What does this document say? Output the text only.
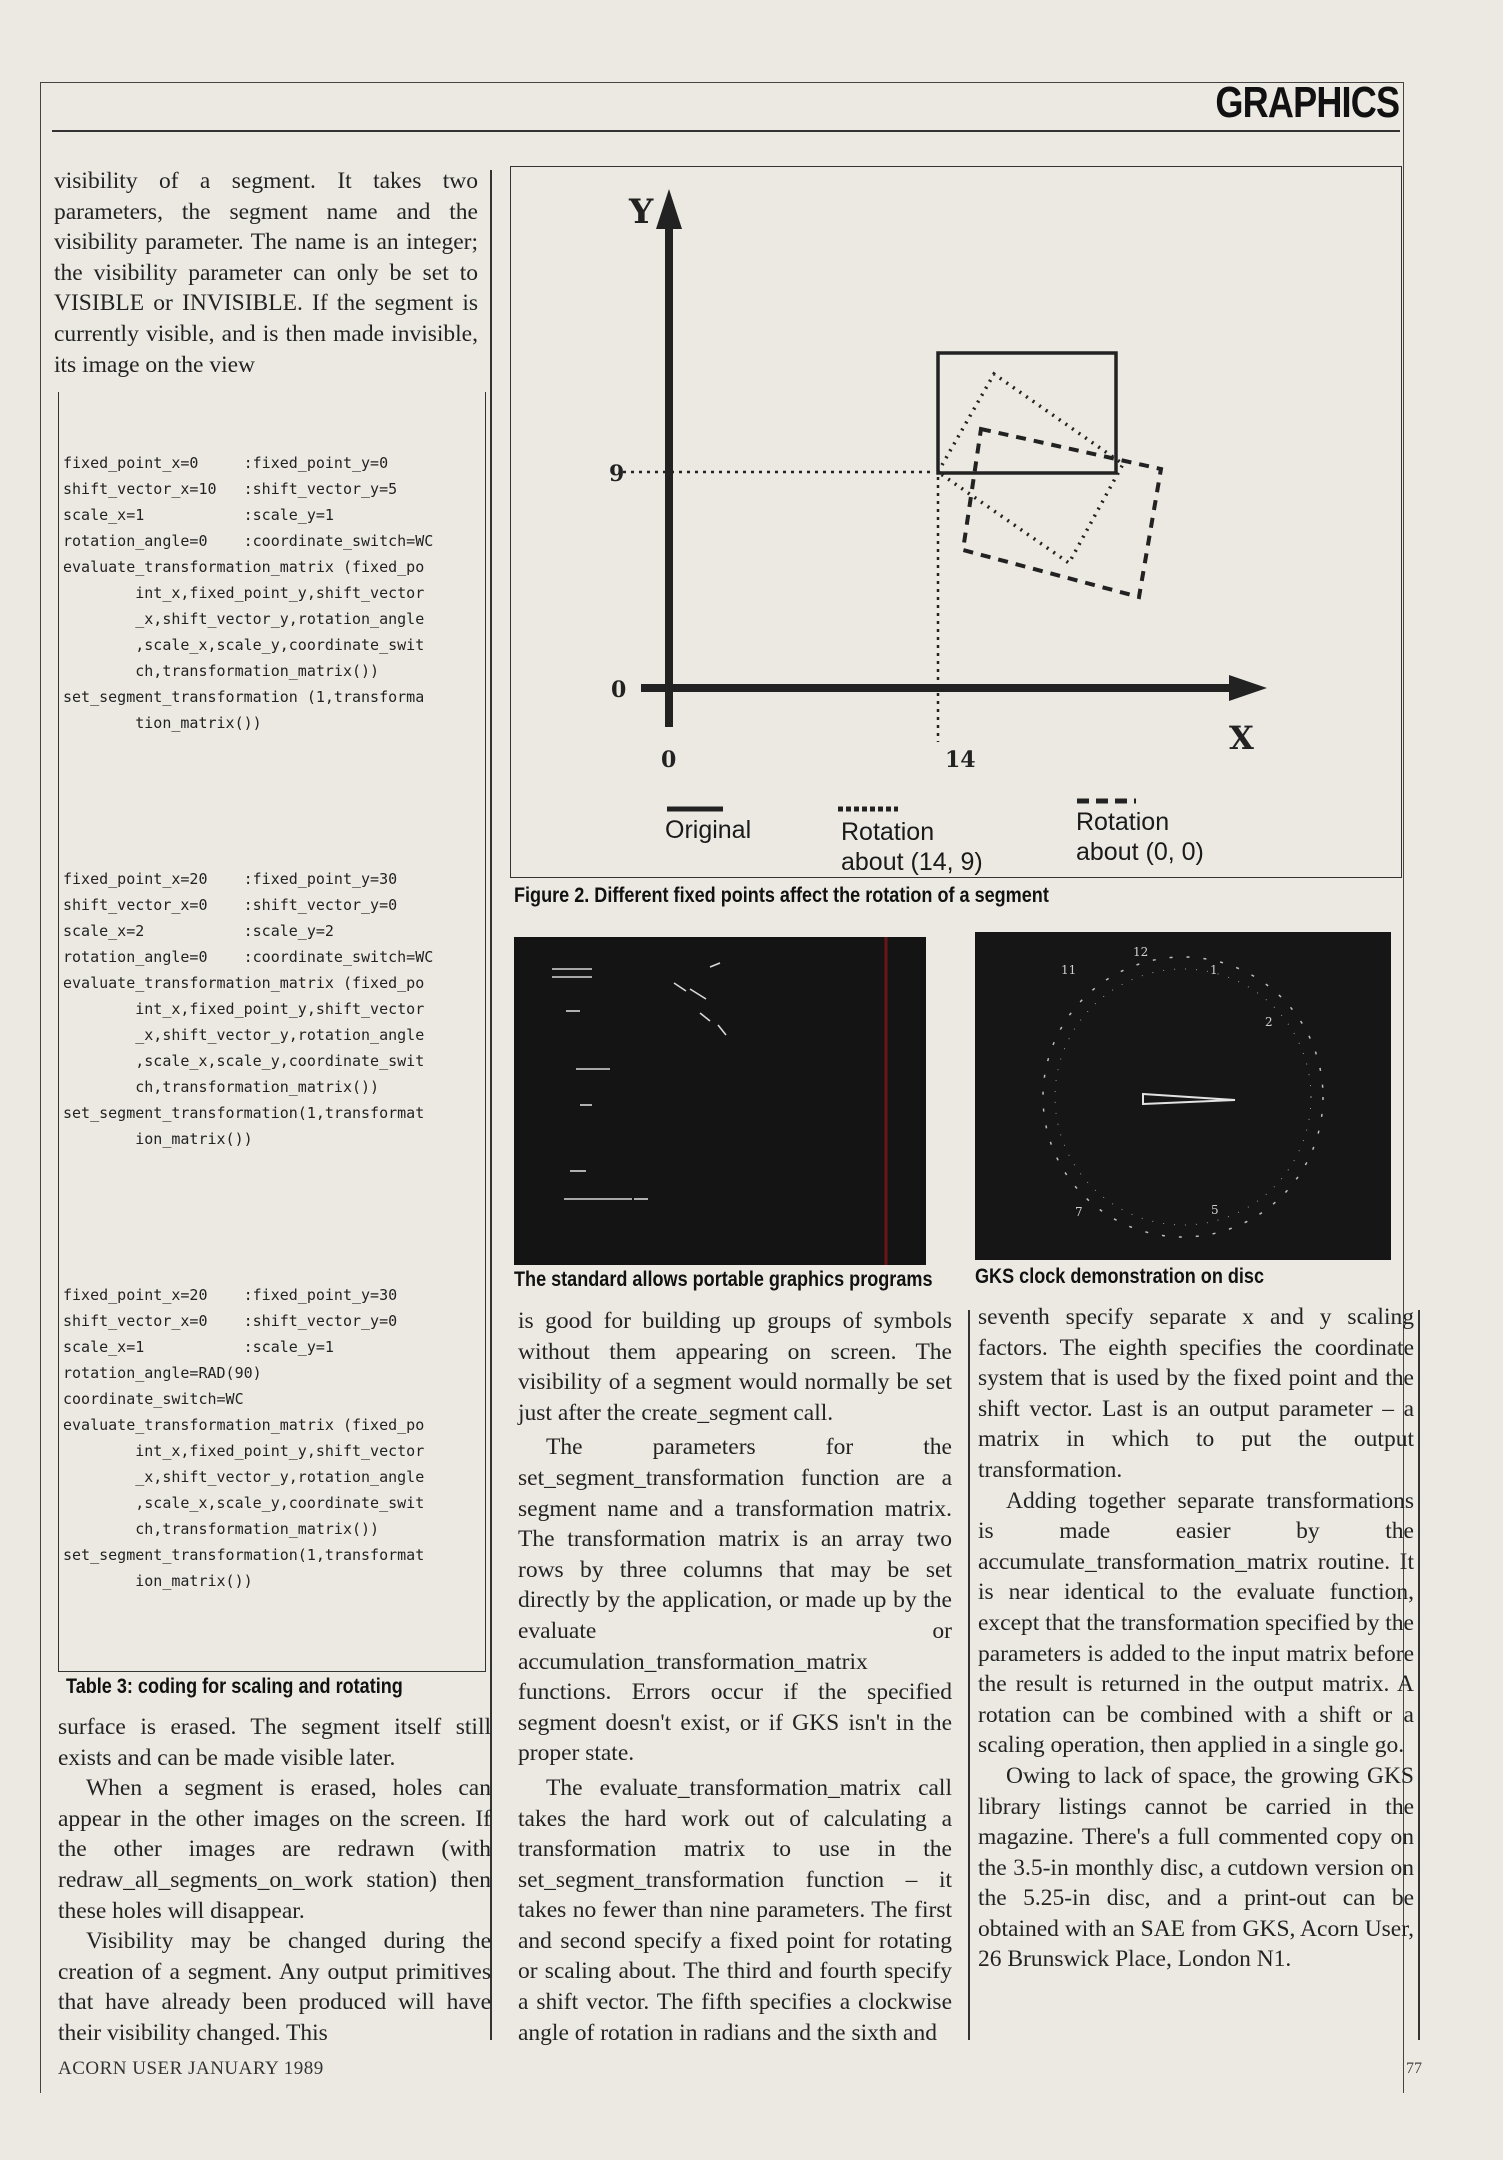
GRAPHICS
visibility of a segment. It takes two parameters, the segment name and the visibility parameter. The name is an integer; the visibility parameter can only be set to VISIBLE or INVISIBLE. If the segment is currently visible, and is then made invisible, its image on the view

fixed_point_x=0     :fixed_point_y=0
shift_vector_x=10   :shift_vector_y=5
scale_x=1           :scale_y=1
rotation_angle=0    :coordinate_switch=WC
evaluate_transformation_matrix (fixed_po
int_x,fixed_point_y,shift_vector
_x,shift_vector_y,rotation_angle
,scale_x,scale_y,coordinate_swit
ch,transformation_matrix())
set_segment_transformation (1,transforma
tion_matrix())

fixed_point_x=20    :fixed_point_y=30
shift_vector_x=0    :shift_vector_y=0
scale_x=2           :scale_y=2
rotation_angle=0    :coordinate_switch=WC
evaluate_transformation_matrix (fixed_po
int_x,fixed_point_y,shift_vector
_x,shift_vector_y,rotation_angle
,scale_x,scale_y,coordinate_swit
ch,transformation_matrix())
set_segment_transformation(1,transformat
ion_matrix())

fixed_point_x=20    :fixed_point_y=30
shift_vector_x=0    :shift_vector_y=0
scale_x=1           :scale_y=1
rotation_angle=RAD(90)
coordinate_switch=WC
evaluate_transformation_matrix (fixed_po
int_x,fixed_point_y,shift_vector
_x,shift_vector_y,rotation_angle
,scale_x,scale_y,coordinate_swit
ch,transformation_matrix())
set_segment_transformation(1,transformat
ion_matrix())

Table 3: coding for scaling and rotating

surface is erased. The segment itself still exists and can be made visible later.

When a segment is erased, holes can appear in the other images on the screen. If the other images are redrawn (with redraw_all_segments_on_work station) then these holes will disappear.

Visibility may be changed during the creation of a segment. Any output primitives that have already been produced will have their visibility changed. This

Y
X
9
0
0	14
Original	Rotation
about (14, 9)
Rotation
about (0, 0)
Figure 2. Different fixed points affect the rotation of a segment
12
11	1
2
5
7
The standard allows portable graphics programs GKS clock demonstration on disc

is good for building up groups of symbols without them appearing on screen. The visibility of a segment would normally be set just after the create_segment call.

The parameters for the set_segment_transformation function are a segment name and a transformation matrix. The transformation matrix is an array two rows by three columns that may be set directly by the application, or made up by the evaluate or accumulation_transformation_matrix functions. Errors occur if the specified segment doesn't exist, or if GKS isn't in the proper state.

The evaluate_transformation_matrix call takes the hard work out of calculating a transformation matrix to use in the set_segment_transformation function – it takes no fewer than nine parameters. The first and second specify a fixed point for rotating or scaling about. The third and fourth specify a shift vector. The fifth specifies a clockwise angle of rotation in radians and the sixth and

seventh specify separate x and y scaling factors. The eighth specifies the coordinate system that is used by the fixed point and the shift vector. Last is an output parameter – a matrix in which to put the output transformation.

Adding together separate transformations is made easier by the accumulate_transformation_matrix routine. It is near identical to the evaluate function, except that the transformation specified by the parameters is added to the input matrix before the result is returned in the output matrix. A rotation can be combined with a shift or a scaling operation, then applied in a single go.

Owing to lack of space, the growing GKS library listings cannot be carried in the magazine. There's a full commented copy on the 3.5-in monthly disc, a cutdown version on the 5.25-in disc, and a print-out can be obtained with an SAE from GKS, Acorn User, 26 Brunswick Place, London N1.

ACORN USER JANUARY 1989	77
